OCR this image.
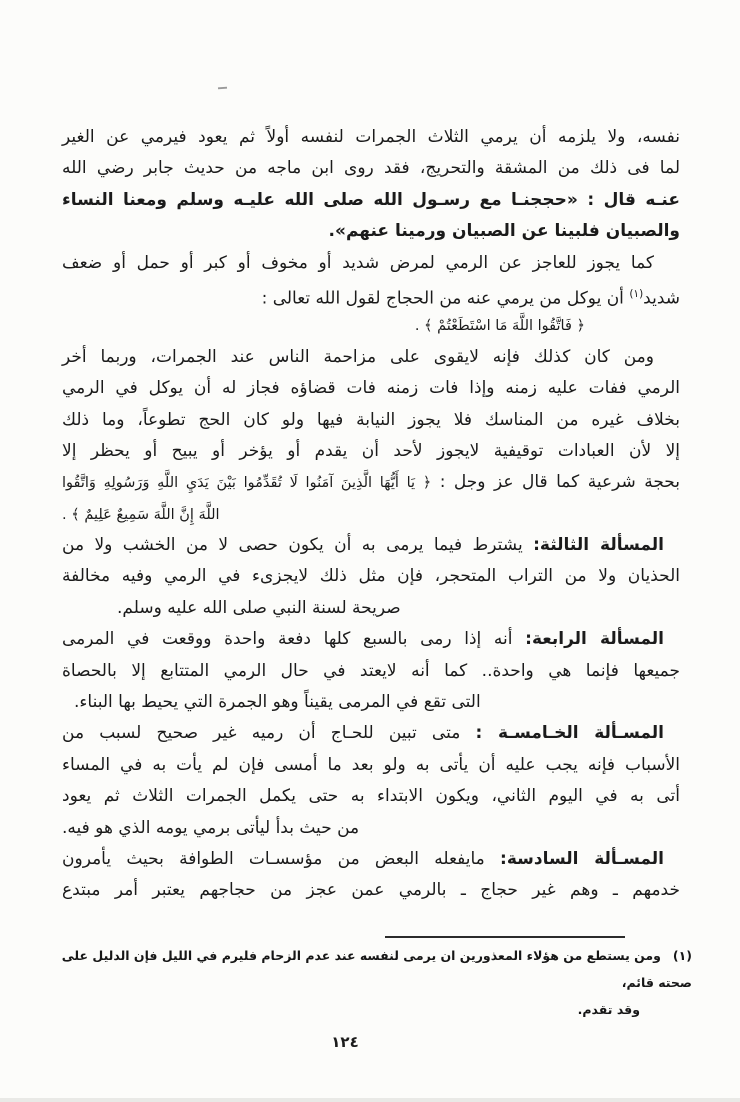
نفسه، ولا يلزمه أن يرمي الثلاث الجمرات لنفسه أولاً ثم يعود فيرمي عن الغير
لما فى ذلك من المشقة والتحريج، فقد روى ابن ماجه من حديث جابر رضي الله
عنـه قال : «حججنـا مع رسـول الله صلى الله عليـه وسلم ومعنا النساء
والصبيان فلبينا عن الصبيان ورمينا عنهم».
كما يجوز للعاجز عن الرمي لمرض شديد أو مخوف أو كبر أو حمل أو ضعف
شديد$^{(١)}$ أن يوكل من يرمي عنه من الحجاج لقول الله تعالى :
﴿ فَاتَّقُوا اللَّهَ مَا اسْتَطَعْتُمْ ﴾ .
ومن كان كذلك فإنه لايقوى على مزاحمة الناس عند الجمرات، وربما أخر
الرمي ففات عليه زمنه وإذا فات زمنه فات قضاؤه فجاز له أن يوكل في الرمي
بخلاف غيره من المناسك فلا يجوز النيابة فيها ولو كان الحج تطوعاً، وما ذلك
إلا لأن العبادات توقيفية لايجوز لأحد أن يقدم أو يؤخر أو يبيح أو يحظر إلا
بحجة شرعية كما قال عز وجل : ﴿ يَا أَيُّهَا الَّذِينَ آمَنُوا لَا تُقَدِّمُوا بَيْنَ يَدَيِ اللَّهِ وَرَسُولِهِ وَاتَّقُوا
اللَّهَ إِنَّ اللَّهَ سَمِيعٌ عَلِيمٌ ﴾ .
المسألة الثالثة: يشترط فيما يرمى به أن يكون حصى لا من الخشب ولا من
الحذيان ولا من التراب المتحجر، فإن مثل ذلك لايجزىء في الرمي وفيه مخالفة
صريحة لسنة النبي صلى الله عليه وسلم.
المسألة الرابعة: أنه إذا رمى بالسبع كلها دفعة واحدة ووقعت في المرمى
جميعها فإنما هي واحدة.. كما أنه لايعتد في حال الرمي المتتابع إلا بالحصاة
التى تقع في المرمى يقيناً وهو الجمرة التي يحيط بها البناء.
المسـألة الخـامسـة : متى تبين للحـاج أن رميه غير صحيح لسبب من
الأسباب فإنه يجب عليه أن يأتى به ولو بعد ما أمسى فإن لم يأت به في المساء
أتى به في اليوم الثاني، ويكون الابتداء به حتى يكمل الجمرات الثلاث ثم يعود
من حيث بدأ ليأتى برمي يومه الذي هو فيه.
المسـألة السادسة: مايفعله البعض من مؤسسـات الطوافة بحيث يأمرون
خدمهم ـ وهم غير حجاج ـ بالرمي عمن عجز من حجاجهم يعتبر أمر مبتدع
(١)ومن يستطع من هؤلاء المعذورين ان يرمى لنفسه عند عدم الزحام فليرم في الليل فإن الدليل على صحته قائم،
وقد تقدم.
١٢٤
